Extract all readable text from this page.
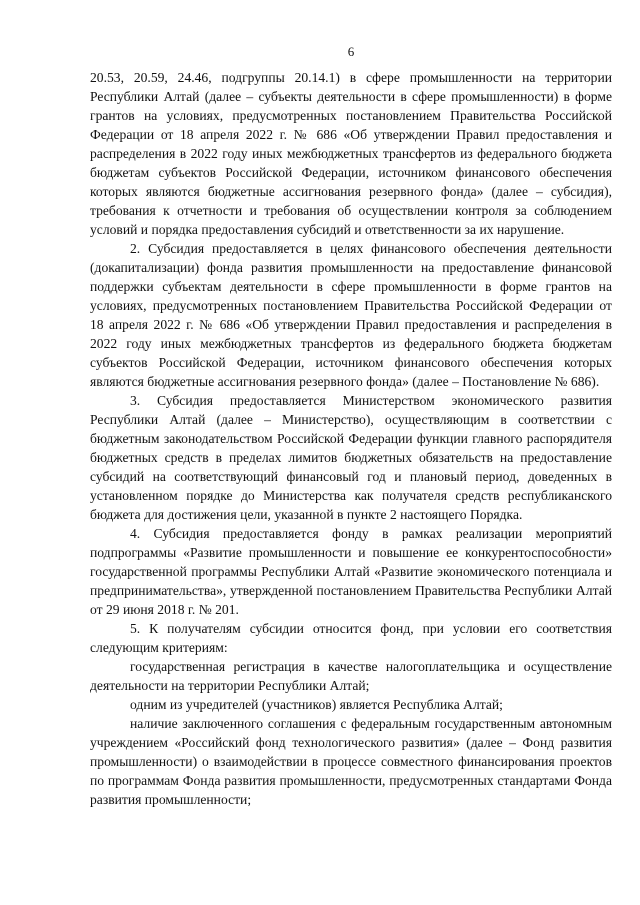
6

20.53, 20.59, 24.46, подгруппы 20.14.1) в сфере промышленности на территории Республики Алтай (далее – субъекты деятельности в сфере промышленности) в форме грантов на условиях, предусмотренных постановлением Правительства Российской Федерации от 18 апреля 2022 г. № 686 «Об утверждении Правил предоставления и распределения в 2022 году иных межбюджетных трансфертов из федерального бюджета бюджетам субъектов Российской Федерации, источником финансового обеспечения которых являются бюджетные ассигнования резервного фонда» (далее – субсидия), требования к отчетности и требования об осуществлении контроля за соблюдением условий и порядка предоставления субсидий и ответственности за их нарушение.

2. Субсидия предоставляется в целях финансового обеспечения деятельности (докапитализации) фонда развития промышленности на предоставление финансовой поддержки субъектам деятельности в сфере промышленности в форме грантов на условиях, предусмотренных постановлением Правительства Российской Федерации от 18 апреля 2022 г. № 686 «Об утверждении Правил предоставления и распределения в 2022 году иных межбюджетных трансфертов из федерального бюджета бюджетам субъектов Российской Федерации, источником финансового обеспечения которых являются бюджетные ассигнования резервного фонда» (далее – Постановление № 686).

3. Субсидия предоставляется Министерством экономического развития Республики Алтай (далее – Министерство), осуществляющим в соответствии с бюджетным законодательством Российской Федерации функции главного распорядителя бюджетных средств в пределах лимитов бюджетных обязательств на предоставление субсидий на соответствующий финансовый год и плановый период, доведенных в установленном порядке до Министерства как получателя средств республиканского бюджета для достижения цели, указанной в пункте 2 настоящего Порядка.

4. Субсидия предоставляется фонду в рамках реализации мероприятий подпрограммы «Развитие промышленности и повышение ее конкурентоспособности» государственной программы Республики Алтай «Развитие экономического потенциала и предпринимательства», утвержденной постановлением Правительства Республики Алтай от 29 июня 2018 г. № 201.

5. К получателям субсидии относится фонд, при условии его соответствия следующим критериям:

государственная регистрация в качестве налогоплательщика и осуществление деятельности на территории Республики Алтай;

одним из учредителей (участников) является Республика Алтай;

наличие заключенного соглашения с федеральным государственным автономным учреждением «Российский фонд технологического развития» (далее – Фонд развития промышленности) о взаимодействии в процессе совместного финансирования проектов по программам Фонда развития промышленности, предусмотренных стандартами Фонда развития промышленности;
